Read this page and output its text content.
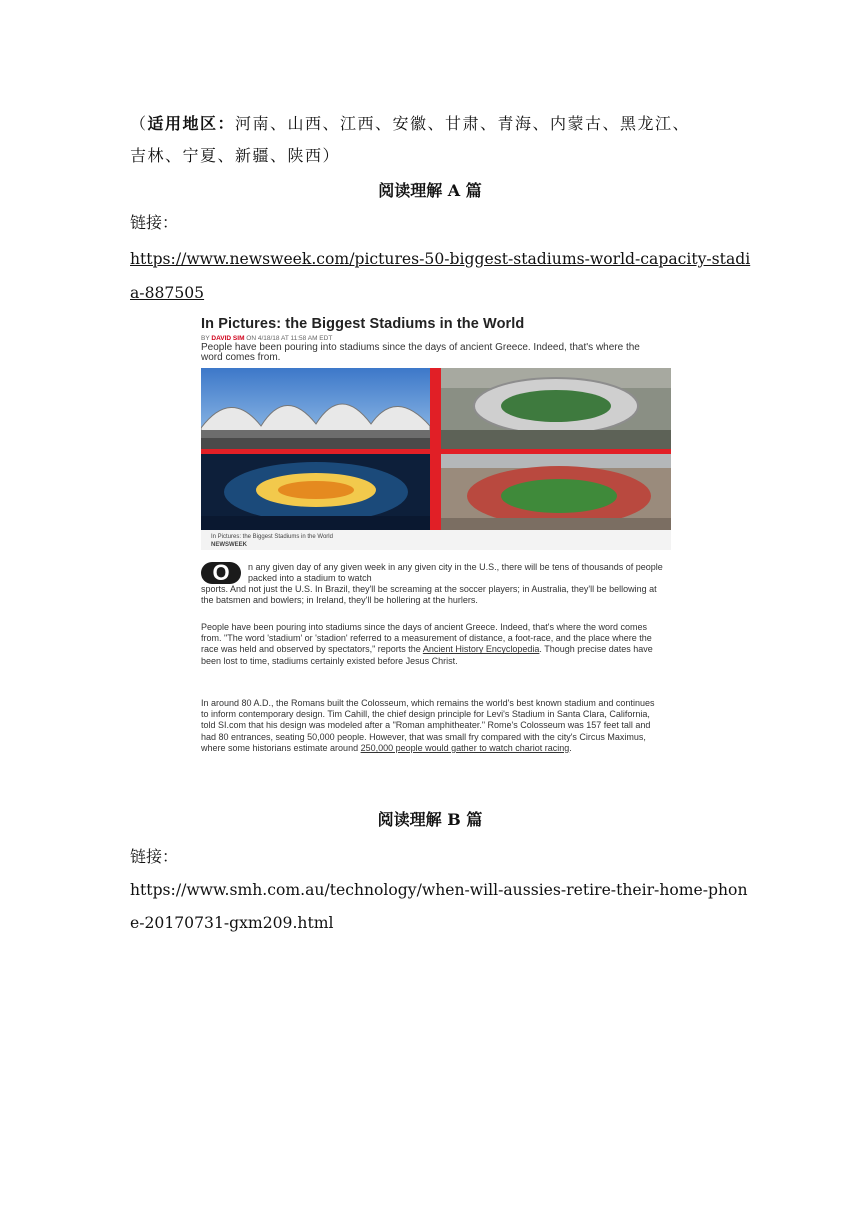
（适用地区：河南、山西、江西、安徽、甘肃、青海、内蒙古、黑龙江、
吉林、宁夏、新疆、陕西）
阅读理解 A 篇
链接：
https://www.newsweek.com/pictures-50-biggest-stadiums-world-capacity-stadi
a-887505
In Pictures: the Biggest Stadiums in the World
BY DAVID SIM ON 4/18/18 AT 11:58 AM EDT
People have been pouring into stadiums since the days of ancient Greece. Indeed, that's where the word comes from.
In Pictures: the Biggest Stadiums in the World
NEWSWEEK
O	n any given day of any given week in any given city in the U.S., there will be tens of thousands of people packed into a stadium to watch
sports. And not just the U.S. In Brazil, they'll be screaming at the soccer players; in Australia, they'll be bellowing at the batsmen and bowlers; in Ireland, they'll be hollering at the hurlers.
People have been pouring into stadiums since the days of ancient Greece. Indeed, that's where the word comes from. "The word 'stadium' or 'stadion' referred to a measurement of distance, a foot-race, and the place where the race was held and observed by spectators," reports the Ancient History Encyclopedia. Though precise dates have been lost to time, stadiums certainly existed before Jesus Christ.
In around 80 A.D., the Romans built the Colosseum, which remains the world's best known stadium and continues to inform contemporary design. Tim Cahill, the chief design principle for Levi's Stadium in Santa Clara, California, told SI.com that his design was modeled after a "Roman amphitheater." Rome's Colosseum was 157 feet tall and had 80 entrances, seating 50,000 people. However, that was small fry compared with the city's Circus Maximus, where some historians estimate around 250,000 people would gather to watch chariot racing.
阅读理解 B 篇
链接：
https://www.smh.com.au/technology/when-will-aussies-retire-their-home-phon
e-20170731-gxm209.html
